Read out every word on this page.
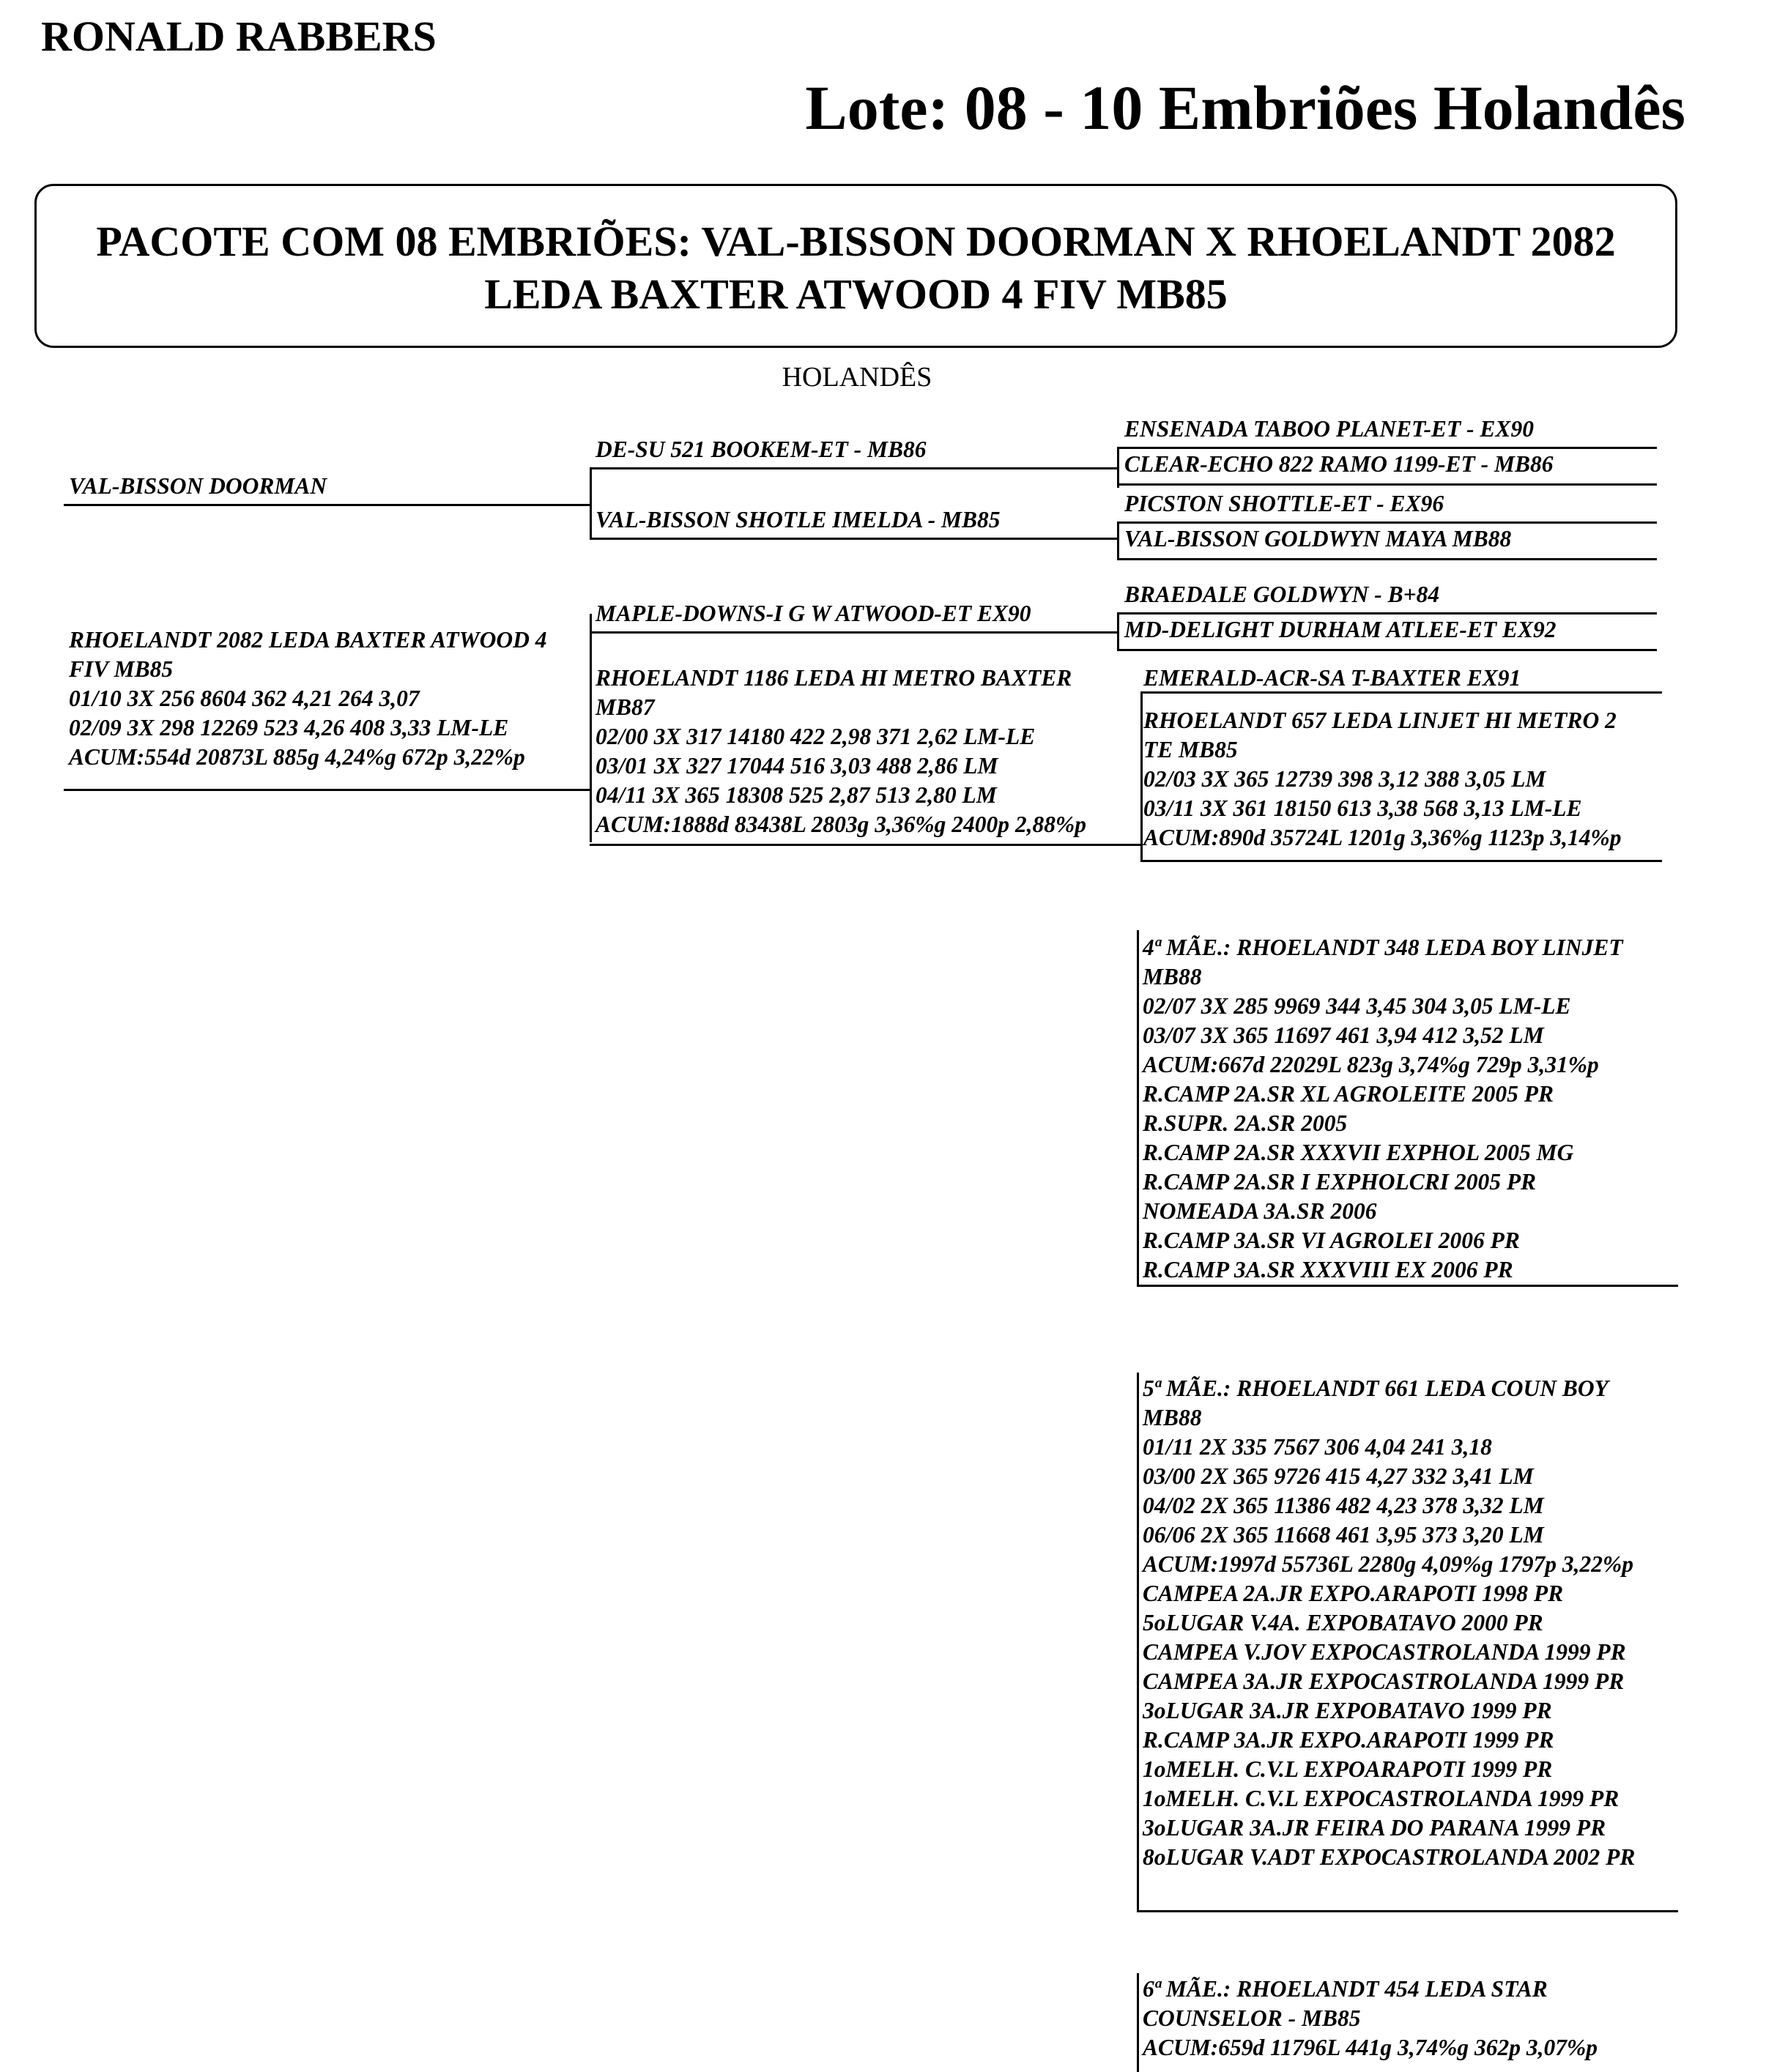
RONALD RABBERS
Lote: 08 - 10 Embriões Holandês
PACOTE COM 08 EMBRIÕES: VAL-BISSON DOORMAN X RHOELANDT 2082
LEDA BAXTER ATWOOD 4 FIV MB85
HOLANDÊS
VAL-BISSON DOORMAN
RHOELANDT 2082 LEDA BAXTER ATWOOD 4
FIV MB85
01/10 3X 256 8604 362 4,21 264 3,07
02/09 3X 298 12269 523 4,26 408 3,33 LM-LE
ACUM:554d 20873L 885g 4,24%g 672p 3,22%p
DE-SU 521 BOOKEM-ET - MB86
VAL-BISSON SHOTLE IMELDA - MB85
MAPLE-DOWNS-I G W ATWOOD-ET EX90
RHOELANDT 1186 LEDA HI METRO BAXTER
MB87
02/00 3X 317 14180 422 2,98 371 2,62 LM-LE
03/01 3X 327 17044 516 3,03 488 2,86 LM
04/11 3X 365 18308 525 2,87 513 2,80 LM
ACUM:1888d 83438L 2803g 3,36%g 2400p 2,88%p
ENSENADA TABOO PLANET-ET - EX90
CLEAR-ECHO 822 RAMO 1199-ET - MB86
PICSTON SHOTTLE-ET - EX96
VAL-BISSON GOLDWYN MAYA MB88
BRAEDALE GOLDWYN - B+84
MD-DELIGHT DURHAM ATLEE-ET EX92
EMERALD-ACR-SA T-BAXTER EX91
RHOELANDT 657 LEDA LINJET HI METRO 2
TE MB85
02/03 3X 365 12739 398 3,12 388 3,05 LM
03/11 3X 361 18150 613 3,38 568 3,13 LM-LE
ACUM:890d 35724L 1201g 3,36%g 1123p 3,14%p
4ª MÃE.: RHOELANDT 348 LEDA BOY LINJET
MB88
02/07 3X 285 9969 344 3,45 304 3,05 LM-LE
03/07 3X 365 11697 461 3,94 412 3,52 LM
ACUM:667d 22029L 823g 3,74%g 729p 3,31%p
R.CAMP 2A.SR XL AGROLEITE 2005 PR
R.SUPR. 2A.SR 2005
R.CAMP 2A.SR XXXVII EXPHOL 2005 MG
R.CAMP 2A.SR I EXPHOLCRI 2005 PR
NOMEADA 3A.SR 2006
R.CAMP 3A.SR VI AGROLEI 2006 PR
R.CAMP 3A.SR XXXVIII EX 2006 PR
5ª MÃE.: RHOELANDT 661 LEDA COUN BOY
MB88
01/11 2X 335 7567 306 4,04 241 3,18
03/00 2X 365 9726 415 4,27 332 3,41 LM
04/02 2X 365 11386 482 4,23 378 3,32 LM
06/06 2X 365 11668 461 3,95 373 3,20 LM
ACUM:1997d 55736L 2280g 4,09%g 1797p 3,22%p
CAMPEA 2A.JR EXPO.ARAPOTI 1998 PR
5oLUGAR V.4A. EXPOBATAVO 2000 PR
CAMPEA V.JOV EXPOCASTROLANDA 1999 PR
CAMPEA 3A.JR EXPOCASTROLANDA 1999 PR
3oLUGAR 3A.JR EXPOBATAVO 1999 PR
R.CAMP 3A.JR EXPO.ARAPOTI 1999 PR
1oMELH. C.V.L EXPOARAPOTI 1999 PR
1oMELH. C.V.L EXPOCASTROLANDA 1999 PR
3oLUGAR 3A.JR FEIRA DO PARANA 1999 PR
8oLUGAR V.ADT EXPOCASTROLANDA 2002 PR
6ª MÃE.: RHOELANDT 454 LEDA STAR
COUNSELOR - MB85
ACUM:659d 11796L 441g 3,74%g 362p 3,07%p
